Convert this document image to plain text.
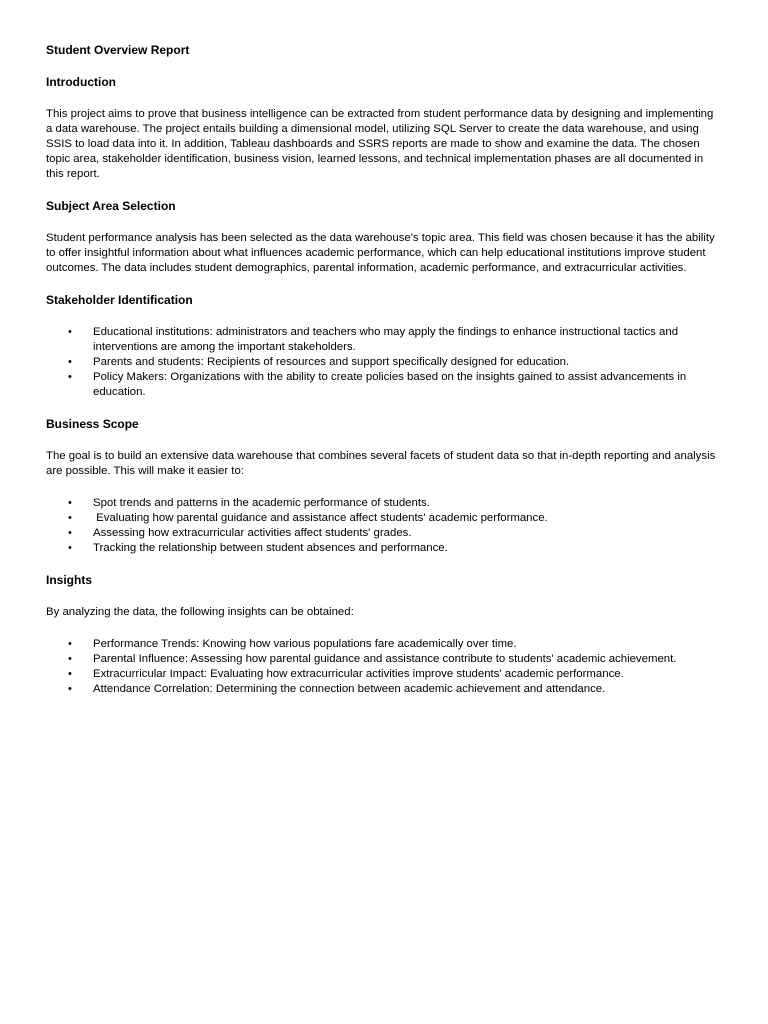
Student Overview Report

Introduction

This project aims to prove that business intelligence can be extracted from student performance data by designing and implementing a data warehouse. The project entails building a dimensional model, utilizing SQL Server to create the data warehouse, and using SSIS to load data into it. In addition, Tableau dashboards and SSRS reports are made to show and examine the data. The chosen topic area, stakeholder identification, business vision, learned lessons, and technical implementation phases are all documented in this report.

Subject Area Selection

Student performance analysis has been selected as the data warehouse's topic area. This field was chosen because it has the ability to offer insightful information about what influences academic performance, which can help educational institutions improve student outcomes. The data includes student demographics, parental information, academic performance, and extracurricular activities.

Stakeholder Identification

• Educational institutions: administrators and teachers who may apply the findings to enhance instructional tactics and interventions are among the important stakeholders.
• Parents and students: Recipients of resources and support specifically designed for education.
• Policy Makers: Organizations with the ability to create policies based on the insights gained to assist advancements in education.

Business Scope

The goal is to build an extensive data warehouse that combines several facets of student data so that in-depth reporting and analysis are possible. This will make it easier to:

• Spot trends and patterns in the academic performance of students.
• Evaluating how parental guidance and assistance affect students' academic performance.
• Assessing how extracurricular activities affect students' grades.
• Tracking the relationship between student absences and performance.

Insights

By analyzing the data, the following insights can be obtained:

• Performance Trends: Knowing how various populations fare academically over time.
• Parental Influence: Assessing how parental guidance and assistance contribute to students' academic achievement.
• Extracurricular Impact: Evaluating how extracurricular activities improve students' academic performance.
• Attendance Correlation: Determining the connection between academic achievement and attendance.
